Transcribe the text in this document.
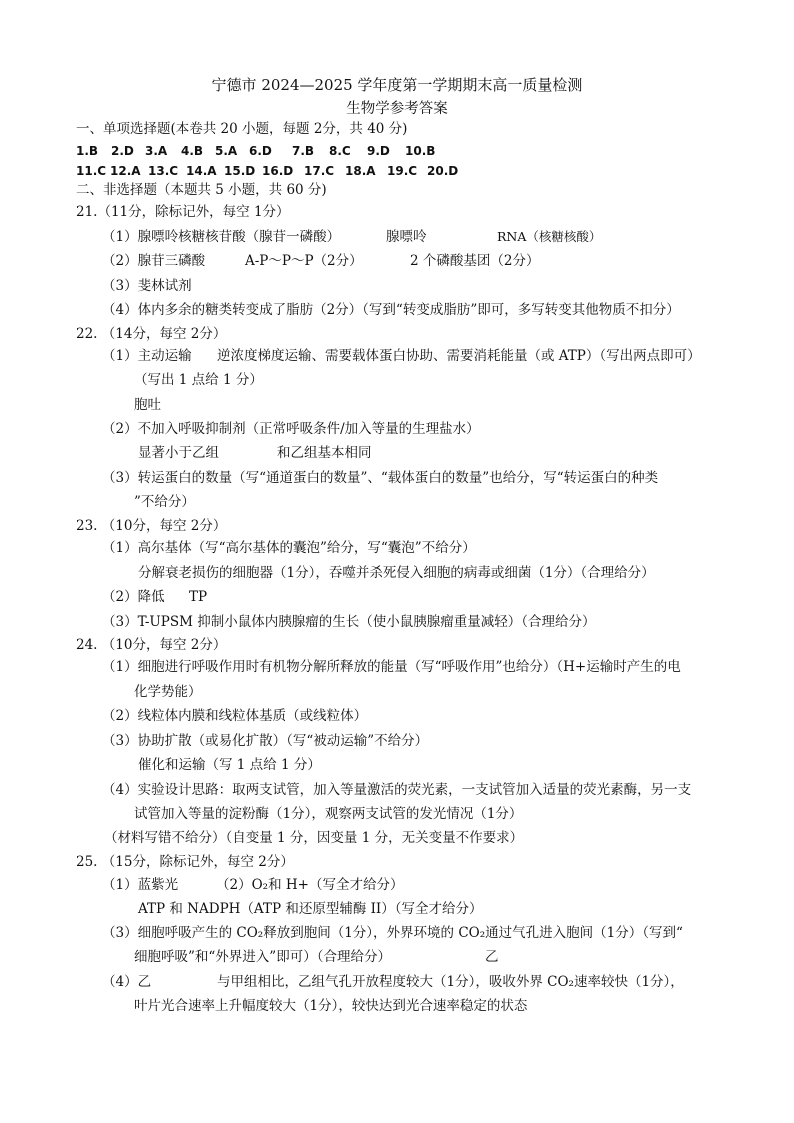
宁德市 2024—2025 学年度第一学期期末高一质量检测
生物学参考答案
一、单项选择题(本卷共 20 小题，每题 2分，共 40 分)
1.B 2.D 3.A 4.B 5.A 6.D 7.B 8.C 9.D 10.B
11.C 12.A 13.C 14.A 15.D 16.D 17.C 18.A 19.C 20.D
二、非选择题（本题共 5 小题，共 60 分)
21.（11分，除标记外，每空 1分）
（1）腺嘌呤核糖核苷酸（腺苷一磷酸）	腺嘌呤	RNA（核糖核酸）
（2）腺苷三磷酸	A-P～P～P（2分）	2 个磷酸基团（2分）
（3）斐林试剂
（4）体内多余的糖类转变成了脂肪（2分）（写到“转变成脂肪”即可，多写转变其他物质不扣分）
22. （14分，每空 2分）
（1）主动运输 逆浓度梯度运输、需要载体蛋白协助、需要消耗能量（或 ATP）（写出两点即可）
（写出 1 点给 1 分）
胞吐
（2）不加入呼吸抑制剂（正常呼吸条件/加入等量的生理盐水）
显著小于乙组	和乙组基本相同
（3）转运蛋白的数量（写“通道蛋白的数量”、“载体蛋白的数量”也给分，写“转运蛋白的种类
”不给分）
23. （10分，每空 2分）
（1）高尔基体（写“高尔基体的囊泡”给分，写“囊泡”不给分）
分解衰老损伤的细胞器（1分），吞噬并杀死侵入细胞的病毒或细菌（1分）（合理给分）
（2）降低 TP
（3）T-UPSM 抑制小鼠体内胰腺瘤的生长（使小鼠胰腺瘤重量减轻）（合理给分）
24. （10分，每空 2分）
（1）细胞进行呼吸作用时有机物分解所释放的能量（写“呼吸作用”也给分）（H+运输时产生的电
化学势能）
（2）线粒体内膜和线粒体基质（或线粒体）
（3）协助扩散（或易化扩散）（写“被动运输”不给分）
催化和运输（写 1 点给 1 分）
（4）实验设计思路：取两支试管，加入等量激活的荧光素，一支试管加入适量的荧光素酶，另一支
试管加入等量的淀粉酶（1分），观察两支试管的发光情况（1分）
（材料写错不给分）（自变量 1 分，因变量 1 分，无关变量不作要求）
25. （15分，除标记外，每空 2分）
（1）蓝紫光	（2）O₂和 H+（写全才给分）
ATP 和 NADPH（ATP 和还原型辅酶 II）（写全才给分）
（3）细胞呼吸产生的 CO₂释放到胞间（1分），外界环境的 CO₂通过气孔进入胞间（1分）（写到“
细胞呼吸”和“外界进入”即可）（合理给分）	乙
（4）乙	与甲组相比，乙组气孔开放程度较大（1分），吸收外界 CO₂速率较快（1分），
叶片光合速率上升幅度较大（1分），较快达到光合速率稳定的状态
